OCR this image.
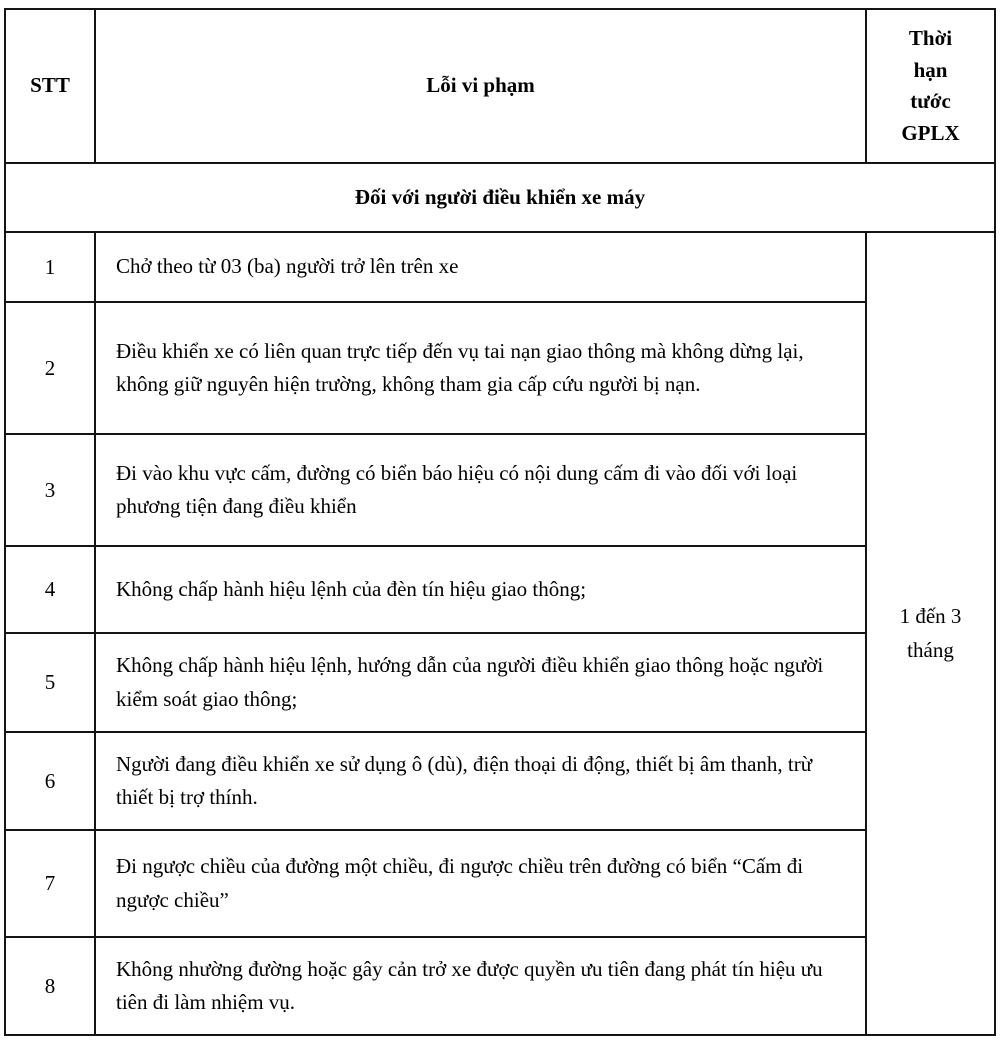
STT	Lỗi vi phạm	Thời hạn tước GPLX
Đối với người điều khiển xe máy		
1	Chở theo từ 03 (ba) người trở lên trên xe	1 đến 3 tháng
2	Điều khiển xe có liên quan trực tiếp đến vụ tai nạn giao thông mà không dừng lại, không giữ nguyên hiện trường, không tham gia cấp cứu người bị nạn.	
3	Đi vào khu vực cấm, đường có biển báo hiệu có nội dung cấm đi vào đối với loại phương tiện đang điều khiển	
4	Không chấp hành hiệu lệnh của đèn tín hiệu giao thông;	
5	Không chấp hành hiệu lệnh, hướng dẫn của người điều khiển giao thông hoặc người kiểm soát giao thông;	
6	Người đang điều khiển xe sử dụng ô (dù), điện thoại di động, thiết bị âm thanh, trừ thiết bị trợ thính.	
7	Đi ngược chiều của đường một chiều, đi ngược chiều trên đường có biển “Cấm đi ngược chiều”	
8	Không nhường đường hoặc gây cản trở xe được quyền ưu tiên đang phát tín hiệu ưu tiên đi làm nhiệm vụ.	
